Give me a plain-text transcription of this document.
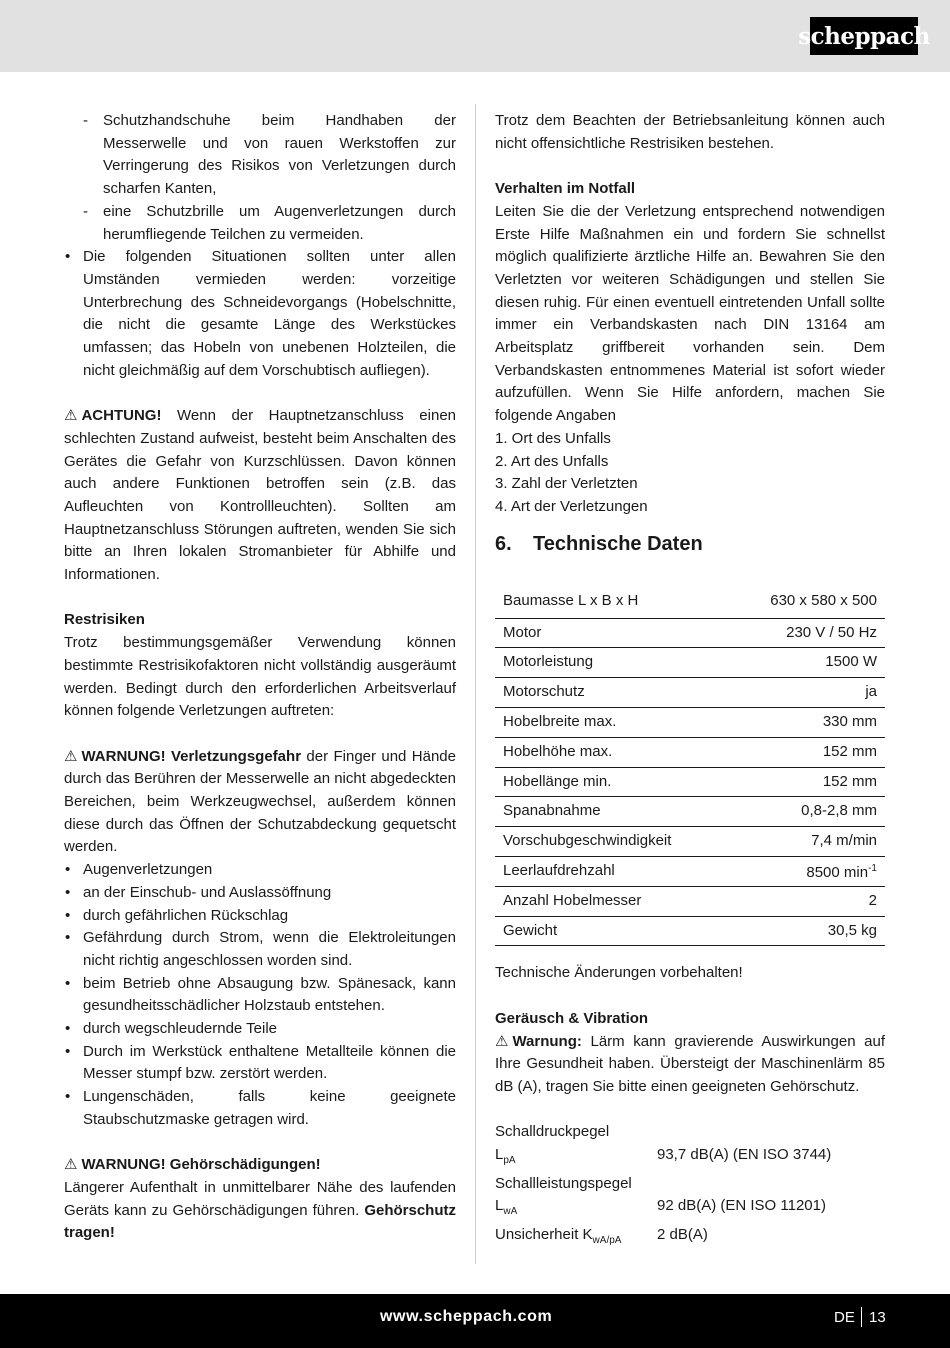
scheppach
- Schutzhandschuhe beim Handhaben der Messerwelle und von rauen Werkstoffen zur Verringerung des Risikos von Verletzungen durch scharfen Kanten,
- eine Schutzbrille um Augenverletzungen durch herumfliegende Teilchen zu vermeiden.
• Die folgenden Situationen sollten unter allen Umständen vermieden werden: vorzeitige Unterbrechung des Schneidevorgangs (Hobelschnitte, die nicht die gesamte Länge des Werkstückes umfassen; das Hobeln von unebenen Holzteilen, die nicht gleichmäßig auf dem Vorschubtisch aufliegen).

⚠ ACHTUNG! Wenn der Hauptnetzanschluss einen schlechten Zustand aufweist, besteht beim Anschalten des Gerätes die Gefahr von Kurzschlüssen. Davon können auch andere Funktionen betroffen sein (z.B. das Aufleuchten von Kontrollleuchten). Sollten am Hauptnetzanschluss Störungen auftreten, wenden Sie sich bitte an Ihren lokalen Stromanbieter für Abhilfe und Informationen.

Restrisiken

Trotz bestimmungsgemäßer Verwendung können bestimmte Restrisikofaktoren nicht vollständig ausgeräumt werden. Bedingt durch den erforderlichen Arbeitsverlauf können folgende Verletzungen auftreten:

⚠ WARNUNG! Verletzungsgefahr der Finger und Hände durch das Berühren der Messerwelle an nicht abgedeckten Bereichen, beim Werkzeugwechsel, außerdem können diese durch das Öffnen der Schutzabdeckung gequetscht werden.

• Augenverletzungen
• an der Einschub- und Auslassöffnung
• durch gefährlichen Rückschlag
• Gefährdung durch Strom, wenn die Elektroleitungen nicht richtig angeschlossen worden sind.
• beim Betrieb ohne Absaugung bzw. Spänesack, kann gesundheitsschädlicher Holzstaub entstehen.
• durch wegschleudernde Teile
• Durch im Werkstück enthaltene Metallteile können die Messer stumpf bzw. zerstört werden.
• Lungenschäden, falls keine geeignete Staubschutzmaske getragen wird.
⚠ WARNUNG! Gehörschädigungen!

Längerer Aufenthalt in unmittelbarer Nähe des laufenden Geräts kann zu Gehörschädigungen führen. Gehörschutz tragen!

Trotz dem Beachten der Betriebsanleitung können auch nicht offensichtliche Restrisiken bestehen.

Verhalten im Notfall

Leiten Sie die der Verletzung entsprechend notwendigen Erste Hilfe Maßnahmen ein und fordern Sie schnellst möglich qualifizierte ärztliche Hilfe an. Bewahren Sie den Verletzten vor weiteren Schädigungen und stellen Sie diesen ruhig. Für einen eventuell eintretenden Unfall sollte immer ein Verbandskasten nach DIN 13164 am Arbeitsplatz griffbereit vorhanden sein. Dem Verbandskasten entnommenes Material ist sofort wieder aufzufüllen. Wenn Sie Hilfe anfordern, machen Sie folgende Angaben

1. Ort des Unfalls
2. Art des Unfalls
3. Zahl der Verletzten
4. Art der Verletzungen
6. Technische Daten
Baumasse L x B x H	630 x 580 x 500
Motor	230 V / 50 Hz
Motorleistung	1500 W
Motorschutz	ja
Hobelbreite max.	330 mm
Hobelhöhe max.	152 mm
Hobellänge min.	152 mm
Spanabnahme	0,8-2,8 mm
Vorschubgeschwindigkeit	7,4 m/min
Leerlaufdrehzahl	8500 $\min^{-1}$
Anzahl Hobelmesser	2
Gewicht	30,5 kg
Technische Änderungen vorbehalten!
Geräusch & Vibration

⚠ Warnung: Lärm kann gravierende Auswirkungen auf Ihre Gesundheit haben. Übersteigt der Maschinenlärm 85 dB (A), tragen Sie bitte einen geeigneten Gehörschutz.

Schalldruckpegel
$L_{pA}$	93,7 dB(A) (EN ISO 3744)
Schallleistungspegel
$L_{wA}$	92 dB(A) (EN ISO 11201)
Unsicherheit $K_{wA/pA}$	2 dB(A)
www.scheppach.com	DE 13
